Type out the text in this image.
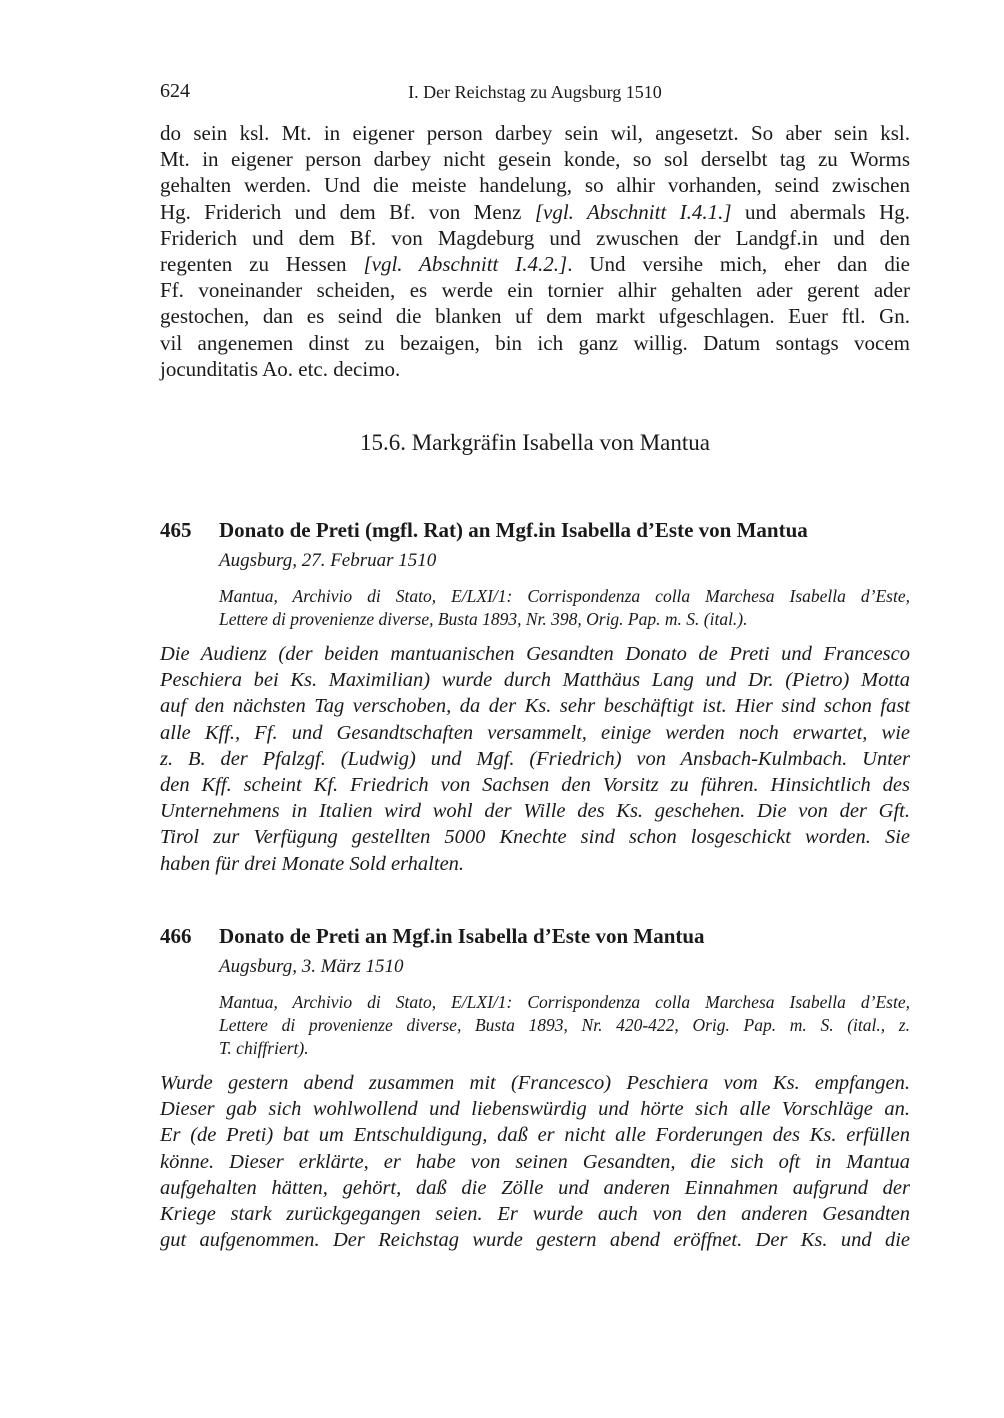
624	I. Der Reichstag zu Augsburg 1510
do sein ksl. Mt. in eigener person darbey sein wil, angesetzt. So aber sein ksl.
Mt. in eigener person darbey nicht gesein konde, so sol derselbt tag zu Worms
gehalten werden. Und die meiste handelung, so alhir vorhanden, seind zwischen
Hg. Friderich und dem Bf. von Menz [vgl. Abschnitt I.4.1.] und abermals Hg.
Friderich und dem Bf. von Magdeburg und zwuschen der Landgf.in und den
regenten zu Hessen [vgl. Abschnitt I.4.2.]. Und versihe mich, eher dan die
Ff. voneinander scheiden, es werde ein tornier alhir gehalten ader gerent ader
gestochen, dan es seind die blanken uf dem markt ufgeschlagen. Euer ftl. Gn.
vil angenemen dinst zu bezaigen, bin ich ganz willig. Datum sontags vocem
jocunditatis Ao. etc. decimo.
15.6. Markgräfin Isabella von Mantua
465 Donato de Preti (mgfl. Rat) an Mgf.in Isabella d’Este von Mantua
Augsburg, 27. Februar 1510
Mantua, Archivio di Stato, E/LXI/1: Corrispondenza colla Marchesa Isabella d’Este,
Lettere di provenienze diverse, Busta 1893, Nr. 398, Orig. Pap. m. S. (ital.).
Die Audienz (der beiden mantuanischen Gesandten Donato de Preti und Francesco
Peschiera bei Ks. Maximilian) wurde durch Matthäus Lang und Dr. (Pietro) Motta
auf den nächsten Tag verschoben, da der Ks. sehr beschäftigt ist. Hier sind schon fast
alle Kff., Ff. und Gesandtschaften versammelt, einige werden noch erwartet, wie
z. B. der Pfalzgf. (Ludwig) und Mgf. (Friedrich) von Ansbach-Kulmbach. Unter
den Kff. scheint Kf. Friedrich von Sachsen den Vorsitz zu führen. Hinsichtlich des
Unternehmens in Italien wird wohl der Wille des Ks. geschehen. Die von der Gft.
Tirol zur Verfügung gestellten 5000 Knechte sind schon losgeschickt worden. Sie
haben für drei Monate Sold erhalten.
466 Donato de Preti an Mgf.in Isabella d’Este von Mantua
Augsburg, 3. März 1510
Mantua, Archivio di Stato, E/LXI/1: Corrispondenza colla Marchesa Isabella d’Este,
Lettere di provenienze diverse, Busta 1893, Nr. 420-422, Orig. Pap. m. S. (ital., z.
T. chiffriert).
Wurde gestern abend zusammen mit (Francesco) Peschiera vom Ks. empfangen.
Dieser gab sich wohlwollend und liebenswürdig und hörte sich alle Vorschläge an.
Er (de Preti) bat um Entschuldigung, daß er nicht alle Forderungen des Ks. erfüllen
könne. Dieser erklärte, er habe von seinen Gesandten, die sich oft in Mantua
aufgehalten hätten, gehört, daß die Zölle und anderen Einnahmen aufgrund der
Kriege stark zurückgegangen seien. Er wurde auch von den anderen Gesandten
gut aufgenommen. Der Reichstag wurde gestern abend eröffnet. Der Ks. und die
